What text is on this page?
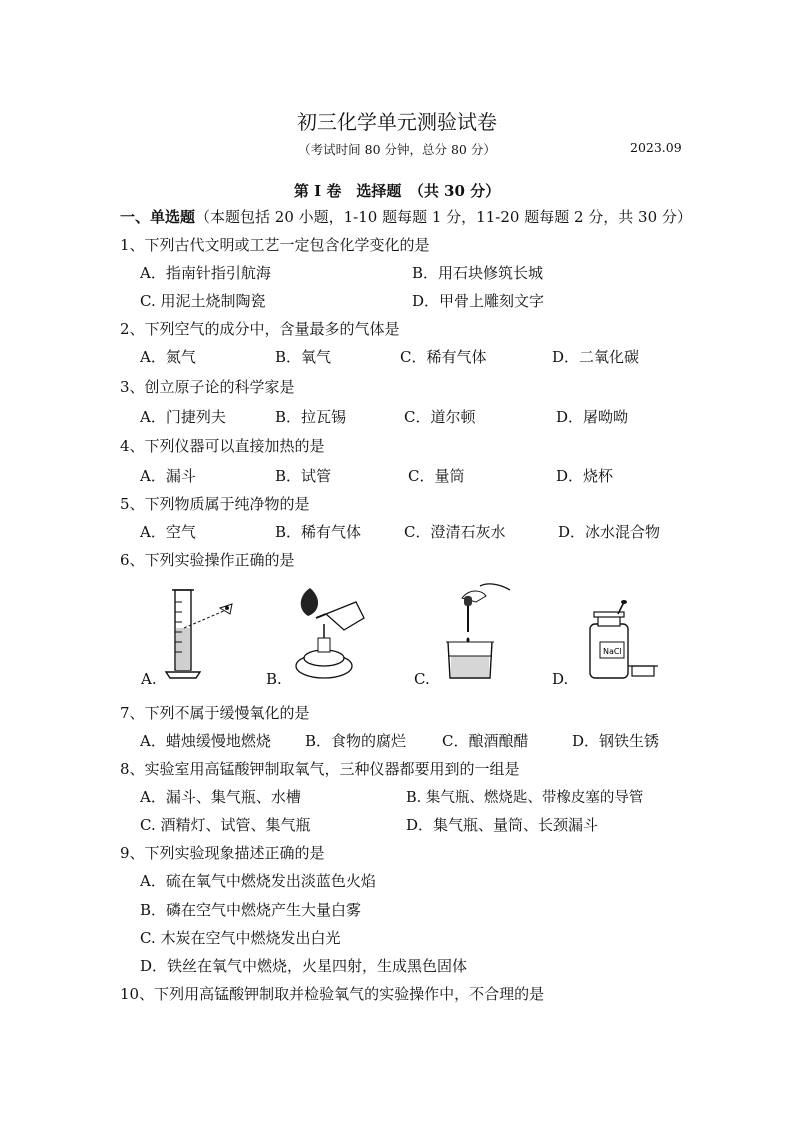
初三化学单元测验试卷
（考试时间 80 分钟，总分 80 分）	2023.09
第 I 卷　选择题　（共 30 分）
一、单选题（本题包括 20 小题，1-10 题每题 1 分，11-20 题每题 2 分，共 30 分）
1、下列古代文明或工艺一定包含化学变化的是
A．指南针指引航海	B．用石块修筑长城
C. 用泥土烧制陶瓷	D．甲骨上雕刻文字
2、下列空气的成分中，含量最多的气体是
A．氮气	B．氧气	C．稀有气体	D．二氧化碳
3、创立原子论的科学家是
A．门捷列夫	B．拉瓦锡	C．道尔顿	D．屠呦呦
4、下列仪器可以直接加热的是
A．漏斗	B．试管	C．量筒	D．烧杯
5、下列物质属于纯净物的是
A．空气	B．稀有气体	C．澄清石灰水	D．冰水混合物
6、下列实验操作正确的是
A.	B.	C.
NaCl
D.
7、下列不属于缓慢氧化的是
A．蜡烛缓慢地燃烧 B．食物的腐烂 C．酿酒酿醋	D．钢铁生锈
8、实验室用高锰酸钾制取氧气，三种仪器都要用到的一组是
A．漏斗、集气瓶、水槽	B. 集气瓶、燃烧匙、带橡皮塞的导管
C. 酒精灯、试管、集气瓶	D．集气瓶、量筒、长颈漏斗
9、下列实验现象描述正确的是
A．硫在氧气中燃烧发出淡蓝色火焰
B．磷在空气中燃烧产生大量白雾
C. 木炭在空气中燃烧发出白光
D．铁丝在氧气中燃烧，火星四射，生成黑色固体
10、下列用高锰酸钾制取并检验氧气的实验操作中，不合理的是
